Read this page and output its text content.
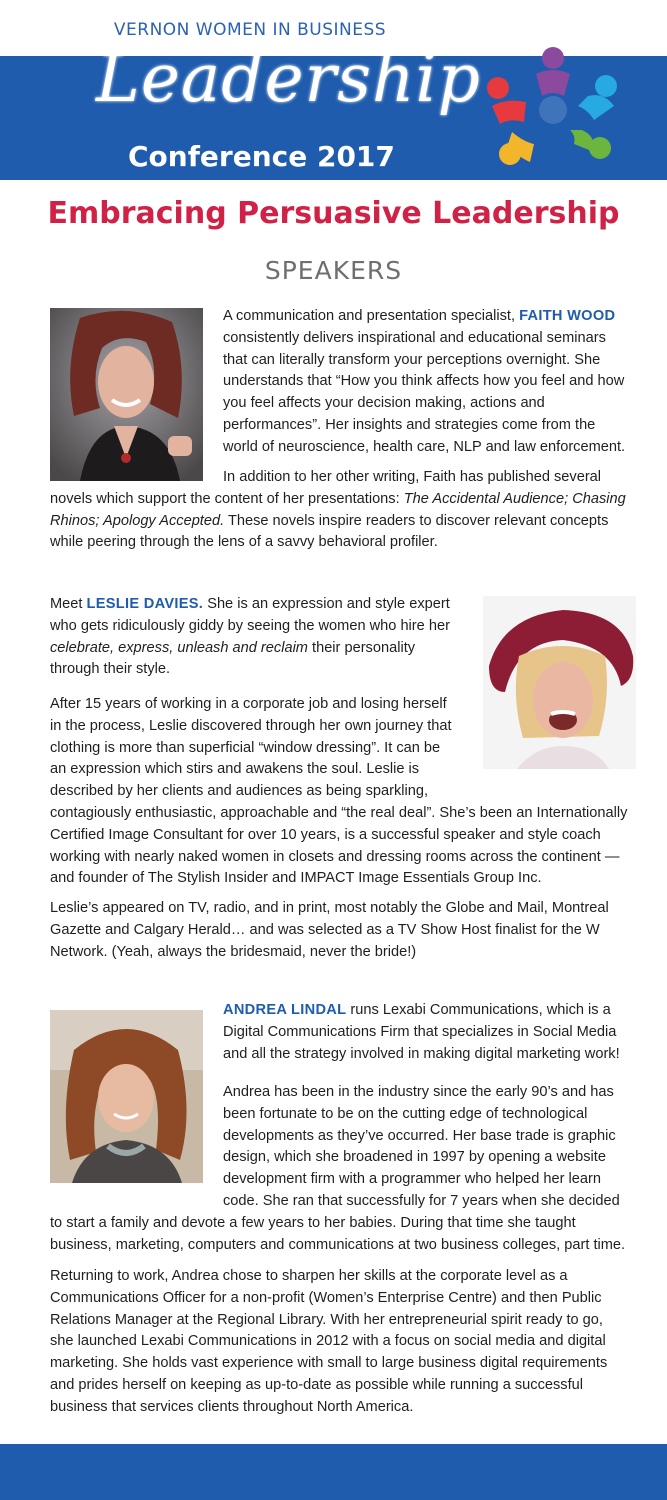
VERNON WOMEN IN BUSINESS
Leadership
Conference 2017
Embracing Persuasive Leadership
SPEAKERS
A communication and presentation specialist, FAITH WOOD consistently delivers inspirational and educational seminars that can literally transform your perceptions overnight. She understands that “How you think affects how you feel and how you feel affects your decision making, actions and performances”. Her insights and strategies come from the world of neuroscience, health care, NLP and law enforcement.
In addition to her other writing, Faith has published several novels which support the content of her presentations: The Accidental Audience; Chasing Rhinos; Apology Accepted. These novels inspire readers to discover relevant concepts while peering through the lens of a savvy behavioral profiler.
Meet LESLIE DAVIES. She is an expression and style expert who gets ridiculously giddy by seeing the women who hire her celebrate, express, unleash and reclaim their personality through their style.
After 15 years of working in a corporate job and losing herself in the process, Leslie discovered through her own journey that clothing is more than superficial “window dressing”. It can be an expression which stirs and awakens the soul. Leslie is described by her clients and audiences as being sparkling, contagiously enthusiastic, approachable and “the real deal”. She’s been an Internationally Certified Image Consultant for over 10 years, is a successful speaker and style coach working with nearly naked women in closets and dressing rooms across the continent — and founder of The Stylish Insider and IMPACT Image Essentials Group Inc.
Leslie’s appeared on TV, radio, and in print, most notably the Globe and Mail, Montreal Gazette and Calgary Herald… and was selected as a TV Show Host finalist for the W Network. (Yeah, always the bridesmaid, never the bride!)
ANDREA LINDAL runs Lexabi Communications, which is a Digital Communications Firm that specializes in Social Media and all the strategy involved in making digital marketing work!
Andrea has been in the industry since the early 90’s and has been fortunate to be on the cutting edge of technological developments as they’ve occurred. Her base trade is graphic design, which she broadened in 1997 by opening a website development firm with a programmer who helped her learn code. She ran that successfully for 7 years when she decided to start a family and devote a few years to her babies. During that time she taught business, marketing, computers and communications at two business colleges, part time.
Returning to work, Andrea chose to sharpen her skills at the corporate level as a Communications Officer for a non-profit (Women’s Enterprise Centre) and then Public Relations Manager at the Regional Library. With her entrepreneurial spirit ready to go, she launched Lexabi Communications in 2012 with a focus on social media and digital marketing. She holds vast experience with small to large business digital requirements and prides herself on keeping as up-to-date as possible while running a successful business that services clients throughout North America.
